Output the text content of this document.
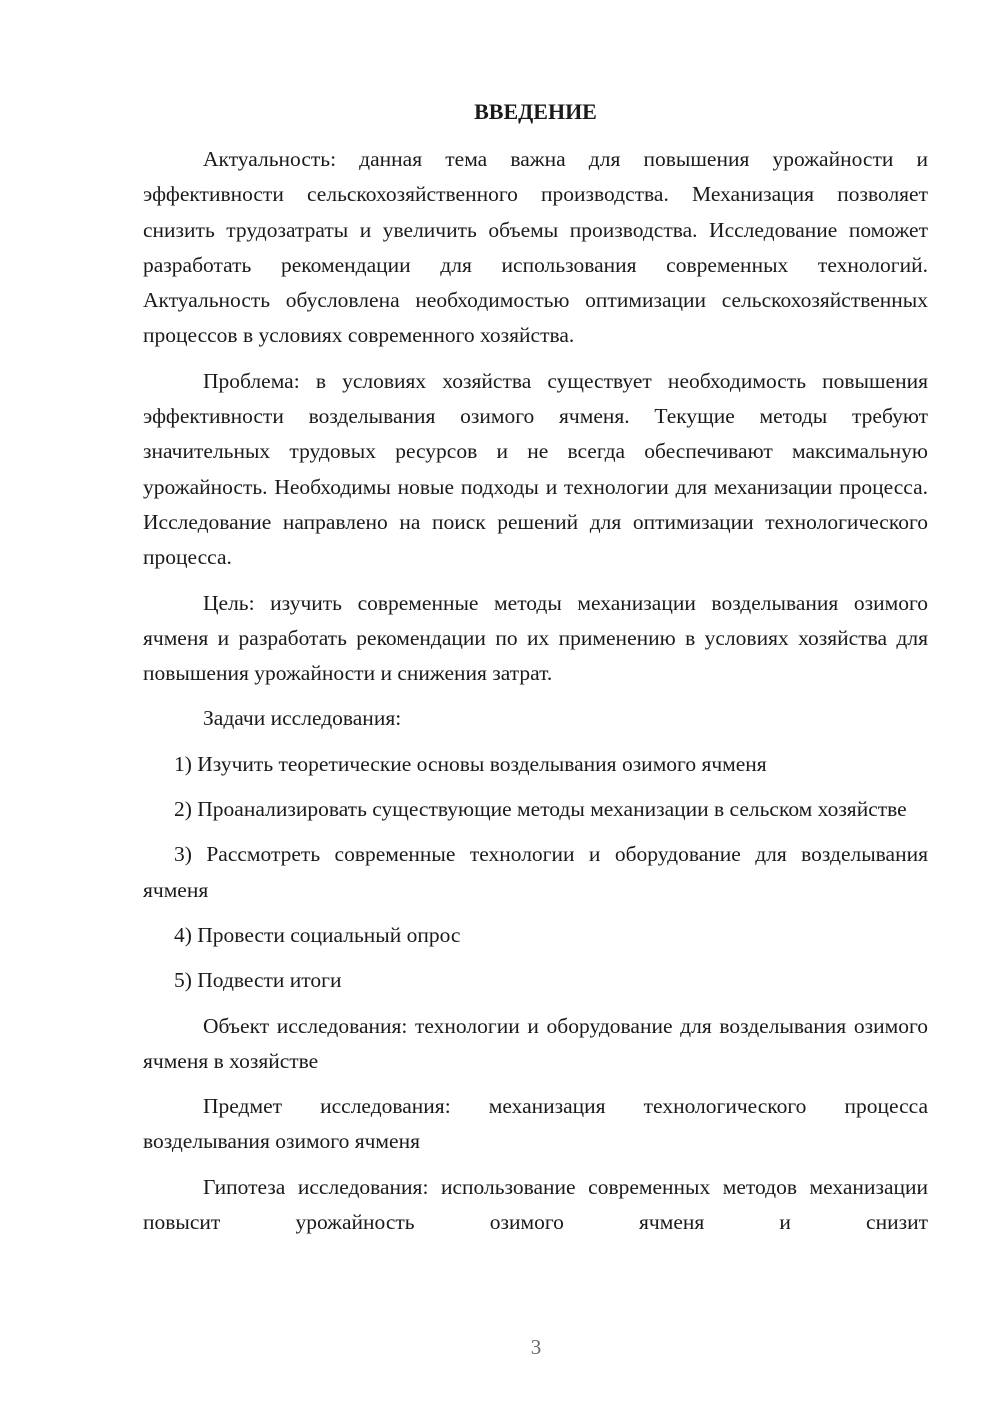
ВВЕДЕНИЕ

Актуальность: данная тема важна для повышения урожайности и эффективности сельскохозяйственного производства. Механизация позволяет снизить трудозатраты и увеличить объемы производства. Исследование поможет разработать рекомендации для использования современных технологий. Актуальность обусловлена необходимостью оптимизации сельскохозяйственных процессов в условиях современного хозяйства.

Проблема: в условиях хозяйства существует необходимость повышения эффективности возделывания озимого ячменя. Текущие методы требуют значительных трудовых ресурсов и не всегда обеспечивают максимальную урожайность. Необходимы новые подходы и технологии для механизации процесса. Исследование направлено на поиск решений для оптимизации технологического процесса.

Цель: изучить современные методы механизации возделывания озимого ячменя и разработать рекомендации по их применению в условиях хозяйства для повышения урожайности и снижения затрат.

Задачи исследования:

1) Изучить теоретические основы возделывания озимого ячменя

2) Проанализировать существующие методы механизации в сельском хозяйстве

3) Рассмотреть современные технологии и оборудование для возделывания ячменя

4) Провести социальный опрос

5) Подвести итоги

Объект исследования: технологии и оборудование для возделывания озимого ячменя в хозяйстве

Предмет исследования: механизация технологического процесса возделывания озимого ячменя

Гипотеза исследования: использование современных методов механизации повысит урожайность озимого ячменя и снизит

3
